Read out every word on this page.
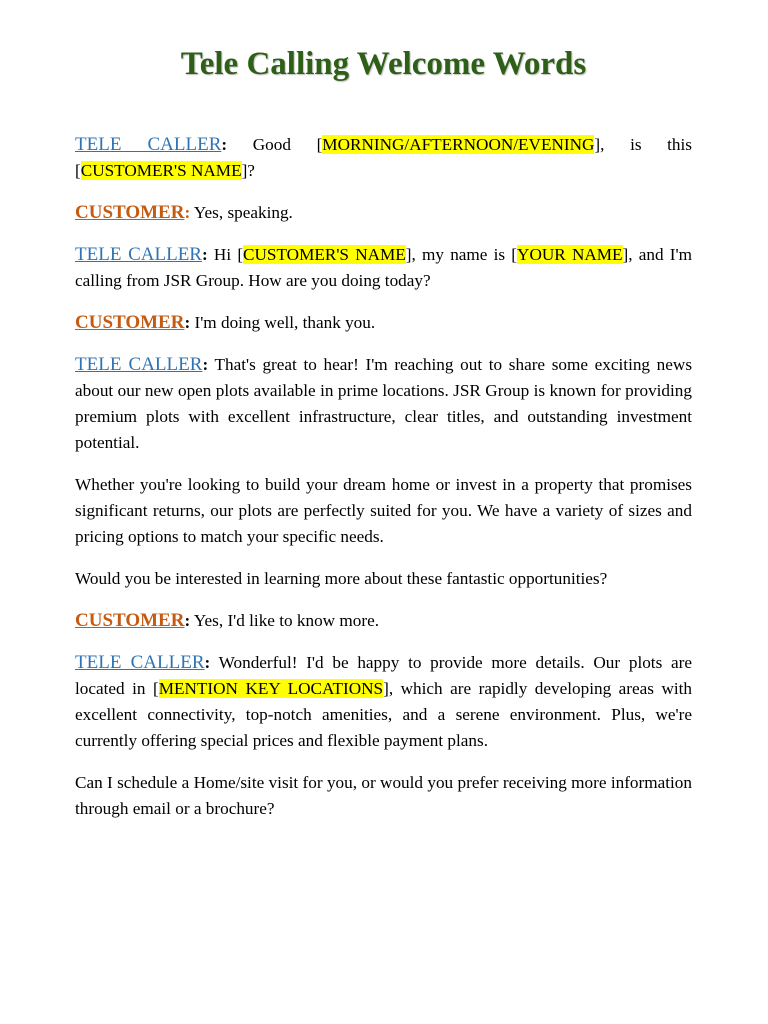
Tele Calling Welcome Words

TELE CALLER: Good [MORNING/AFTERNOON/EVENING], is this [CUSTOMER'S NAME]?

CUSTOMER: Yes, speaking.

TELE CALLER: Hi [CUSTOMER'S NAME], my name is [YOUR NAME], and I'm calling from JSR Group. How are you doing today?

CUSTOMER: I'm doing well, thank you.

TELE CALLER: That's great to hear! I'm reaching out to share some exciting news about our new open plots available in prime locations. JSR Group is known for providing premium plots with excellent infrastructure, clear titles, and outstanding investment potential.

Whether you're looking to build your dream home or invest in a property that promises significant returns, our plots are perfectly suited for you. We have a variety of sizes and pricing options to match your specific needs.

Would you be interested in learning more about these fantastic opportunities?

CUSTOMER: Yes, I'd like to know more.

TELE CALLER: Wonderful! I'd be happy to provide more details. Our plots are located in [MENTION KEY LOCATIONS], which are rapidly developing areas with excellent connectivity, top-notch amenities, and a serene environment. Plus, we're currently offering special prices and flexible payment plans.

Can I schedule a Home/site visit for you, or would you prefer receiving more information through email or a brochure?
